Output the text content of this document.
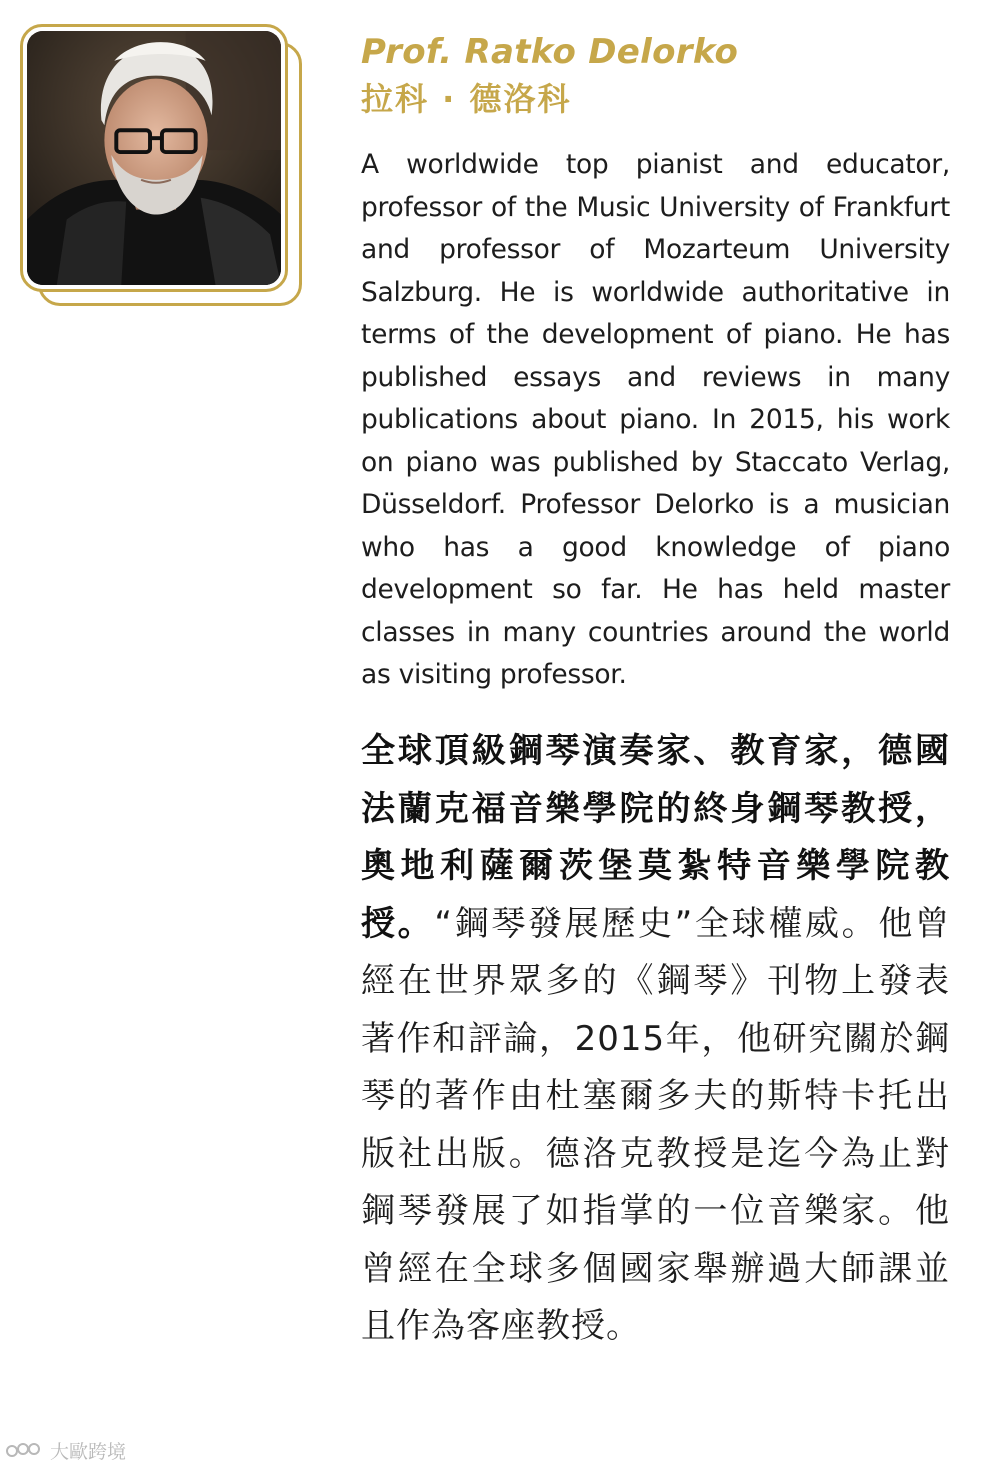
Prof. Ratko Delorko
拉科 · 德洛科

A worldwide top pianist and educator, professor of the Music University of Frankfurt and professor of Mozarteum University Salzburg. He is worldwide authoritative in terms of the development of piano. He has published essays and reviews in many publications about piano. In 2015, his work on piano was published by Staccato Verlag, Düsseldorf. Professor Delorko is a musician who has a good knowledge of piano development so far. He has held master classes in many countries around the world as visiting professor.

全球頂級鋼琴演奏家、教育家，德國法蘭克福音樂學院的終身鋼琴教授，奧地利薩爾茨堡莫紮特音樂學院教授。“鋼琴發展歷史”全球權威。他曾經在世界眾多的《鋼琴》刊物上發表著作和評論，2015年，他研究關於鋼琴的著作由杜塞爾多夫的斯特卡托出版社出版。德洛克教授是迄今為止對鋼琴發展了如指掌的一位音樂家。他曾經在全球多個國家舉辦過大師課並且作為客座教授。

大歐跨境
